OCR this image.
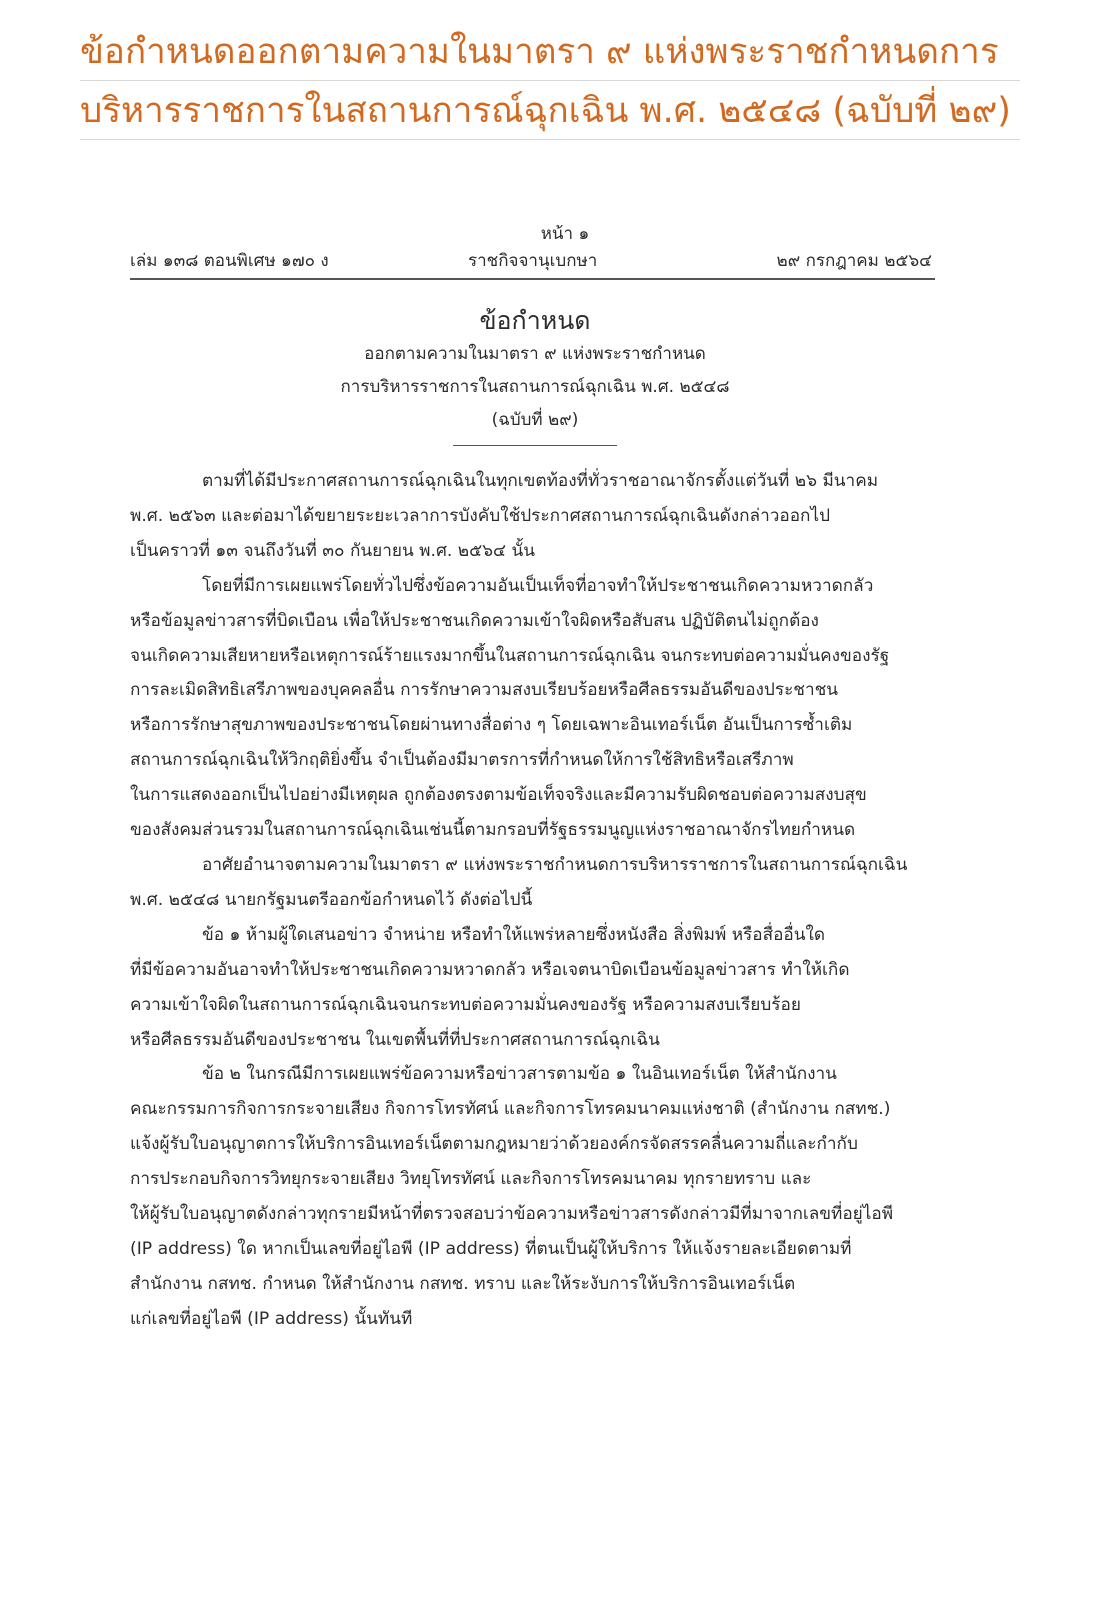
ข้อกำหนดออกตามความในมาตรา ๙ แห่งพระราชกำหนดการ
บริหารราชการในสถานการณ์ฉุกเฉิน พ.ศ. ๒๕๔๘ (ฉบับที่ ๒๙)
หน้า ๑
เล่ม ๑๓๘ ตอนพิเศษ ๑๗๐ ง	ราชกิจจานุเบกษา	๒๙ กรกฎาคม ๒๕๖๔
ข้อกำหนด
ออกตามความในมาตรา ๙ แห่งพระราชกำหนด
การบริหารราชการในสถานการณ์ฉุกเฉิน พ.ศ. ๒๕๔๘
(ฉบับที่ ๒๙)
ตามที่ได้มีประกาศสถานการณ์ฉุกเฉินในทุกเขตท้องที่ทั่วราชอาณาจักรตั้งแต่วันที่ ๒๖ มีนาคม
พ.ศ. ๒๕๖๓ และต่อมาได้ขยายระยะเวลาการบังคับใช้ประกาศสถานการณ์ฉุกเฉินดังกล่าวออกไป
เป็นคราวที่ ๑๓ จนถึงวันที่ ๓๐ กันยายน พ.ศ. ๒๕๖๔ นั้น
โดยที่มีการเผยแพร่โดยทั่วไปซึ่งข้อความอันเป็นเท็จที่อาจทำให้ประชาชนเกิดความหวาดกลัว
หรือข้อมูลข่าวสารที่บิดเบือน เพื่อให้ประชาชนเกิดความเข้าใจผิดหรือสับสน ปฏิบัติตนไม่ถูกต้อง
จนเกิดความเสียหายหรือเหตุการณ์ร้ายแรงมากขึ้นในสถานการณ์ฉุกเฉิน จนกระทบต่อความมั่นคงของรัฐ
การละเมิดสิทธิเสรีภาพของบุคคลอื่น การรักษาความสงบเรียบร้อยหรือศีลธรรมอันดีของประชาชน
หรือการรักษาสุขภาพของประชาชนโดยผ่านทางสื่อต่าง ๆ โดยเฉพาะอินเทอร์เน็ต อันเป็นการซ้ำเติม
สถานการณ์ฉุกเฉินให้วิกฤติยิ่งขึ้น จำเป็นต้องมีมาตรการที่กำหนดให้การใช้สิทธิหรือเสรีภาพ
ในการแสดงออกเป็นไปอย่างมีเหตุผล ถูกต้องตรงตามข้อเท็จจริงและมีความรับผิดชอบต่อความสงบสุข
ของสังคมส่วนรวมในสถานการณ์ฉุกเฉินเช่นนี้ตามกรอบที่รัฐธรรมนูญแห่งราชอาณาจักรไทยกำหนด
อาศัยอำนาจตามความในมาตรา ๙ แห่งพระราชกำหนดการบริหารราชการในสถานการณ์ฉุกเฉิน
พ.ศ. ๒๕๔๘ นายกรัฐมนตรีออกข้อกำหนดไว้ ดังต่อไปนี้
ข้อ ๑ ห้ามผู้ใดเสนอข่าว จำหน่าย หรือทำให้แพร่หลายซึ่งหนังสือ สิ่งพิมพ์ หรือสื่ออื่นใด
ที่มีข้อความอันอาจทำให้ประชาชนเกิดความหวาดกลัว หรือเจตนาบิดเบือนข้อมูลข่าวสาร ทำให้เกิด
ความเข้าใจผิดในสถานการณ์ฉุกเฉินจนกระทบต่อความมั่นคงของรัฐ หรือความสงบเรียบร้อย
หรือศีลธรรมอันดีของประชาชน ในเขตพื้นที่ที่ประกาศสถานการณ์ฉุกเฉิน
ข้อ ๒ ในกรณีมีการเผยแพร่ข้อความหรือข่าวสารตามข้อ ๑ ในอินเทอร์เน็ต ให้สำนักงาน
คณะกรรมการกิจการกระจายเสียง กิจการโทรทัศน์ และกิจการโทรคมนาคมแห่งชาติ (สำนักงาน กสทช.)
แจ้งผู้รับใบอนุญาตการให้บริการอินเทอร์เน็ตตามกฎหมายว่าด้วยองค์กรจัดสรรคลื่นความถี่และกำกับ
การประกอบกิจการวิทยุกระจายเสียง วิทยุโทรทัศน์ และกิจการโทรคมนาคม ทุกรายทราบ และ
ให้ผู้รับใบอนุญาตดังกล่าวทุกรายมีหน้าที่ตรวจสอบว่าข้อความหรือข่าวสารดังกล่าวมีที่มาจากเลขที่อยู่ไอพี
(IP address) ใด หากเป็นเลขที่อยู่ไอพี (IP address) ที่ตนเป็นผู้ให้บริการ ให้แจ้งรายละเอียดตามที่
สำนักงาน กสทช. กำหนด ให้สำนักงาน กสทช. ทราบ และให้ระงับการให้บริการอินเทอร์เน็ต
แก่เลขที่อยู่ไอพี (IP address) นั้นทันที
